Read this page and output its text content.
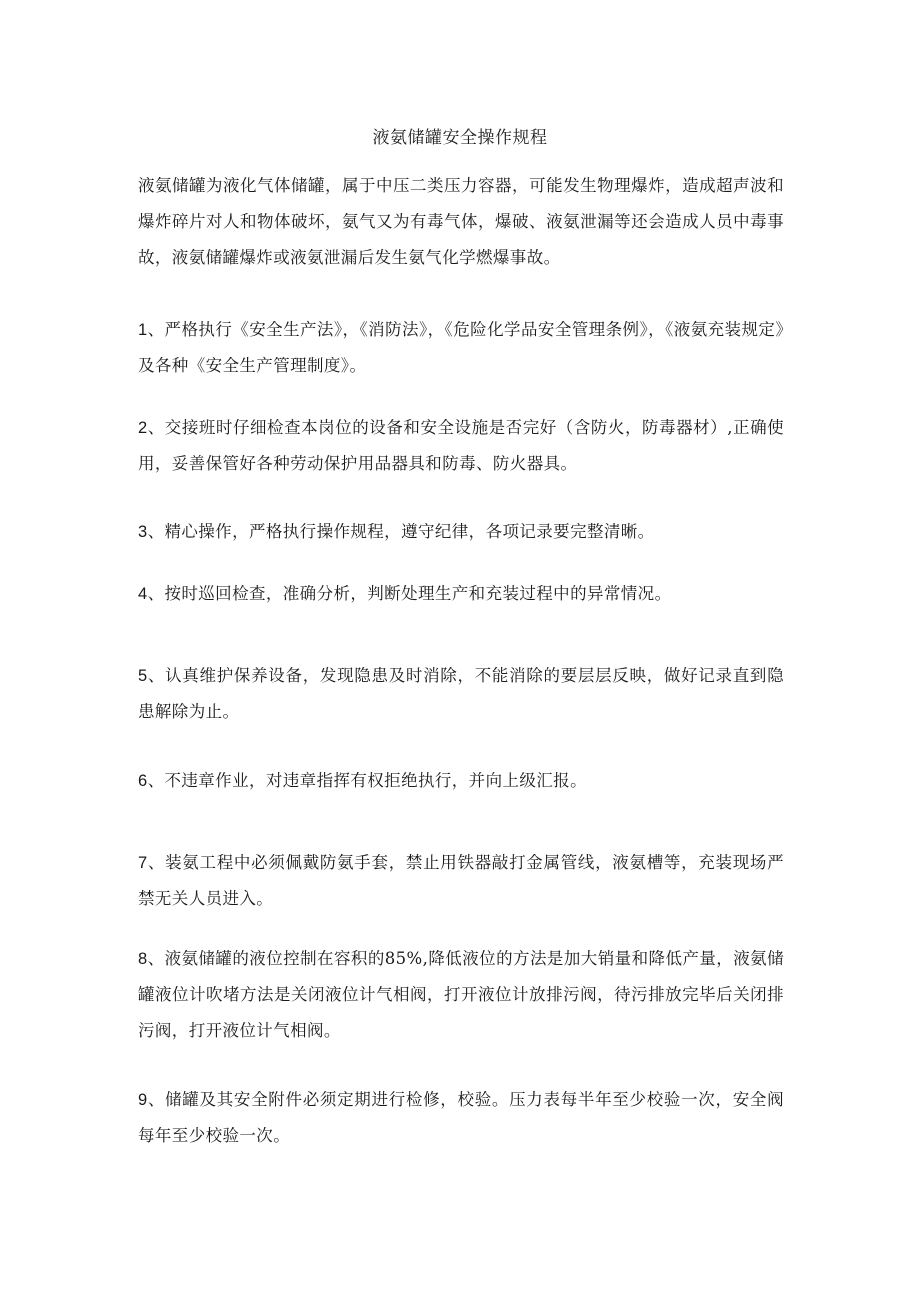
液氨储罐安全操作规程
液氨储罐为液化气体储罐，属于中压二类压力容器，可能发生物理爆炸，造成超声波和爆炸碎片对人和物体破坏，氨气又为有毒气体，爆破、液氨泄漏等还会造成人员中毒事故，液氨储罐爆炸或液氨泄漏后发生氨气化学燃爆事故。
1、严格执行《安全生产法》，《消防法》，《危险化学品安全管理条例》，《液氨充装规定》及各种《安全生产管理制度》。
2、交接班时仔细检查本岗位的设备和安全设施是否完好（含防火，防毒器材）,正确使用，妥善保管好各种劳动保护用品器具和防毒、防火器具。
3、精心操作，严格执行操作规程，遵守纪律，各项记录要完整清晰。
4、按时巡回检查，准确分析，判断处理生产和充装过程中的异常情况。
5、认真维护保养设备，发现隐患及时消除，不能消除的要层层反映，做好记录直到隐患解除为止。
6、不违章作业，对违章指挥有权拒绝执行，并向上级汇报。
7、装氨工程中必须佩戴防氨手套，禁止用铁器敲打金属管线，液氨槽等，充装现场严禁无关人员进入。
8、液氨储罐的液位控制在容积的85%,降低液位的方法是加大销量和降低产量，液氨储罐液位计吹堵方法是关闭液位计气相阀，打开液位计放排污阀，待污排放完毕后关闭排污阀，打开液位计气相阀。
9、储罐及其安全附件必须定期进行检修，校验。压力表每半年至少校验一次，安全阀每年至少校验一次。
